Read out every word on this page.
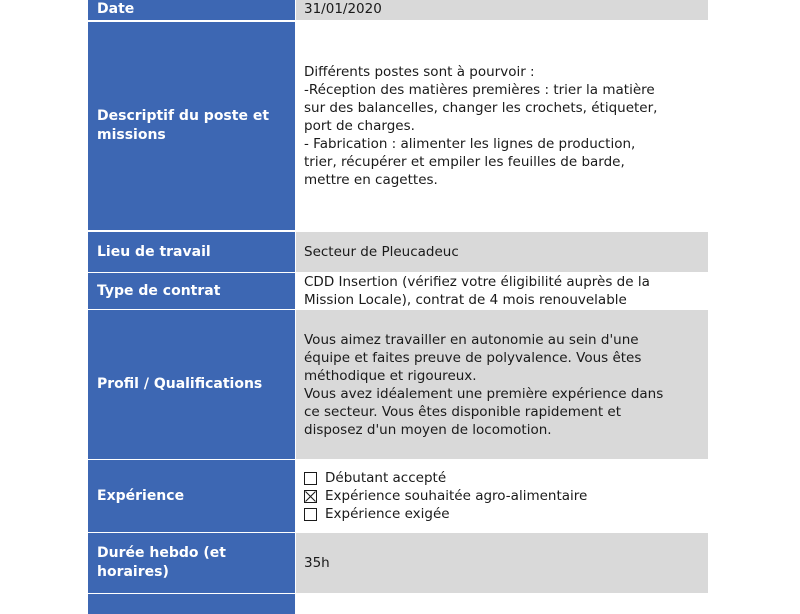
Date	31/01/2020
Descriptif du poste et missions
Différents postes sont à pourvoir :
-Réception des matières premières : trier la matière
sur des balancelles, changer les crochets, étiqueter,
port de charges.
- Fabrication : alimenter les lignes de production,
trier, récupérer et empiler les feuilles de barde,
mettre en cagettes.
Lieu de travail	Secteur de Pleucadeuc
Type de contrat
CDD Insertion (vérifiez votre éligibilité auprès de la
Mission Locale), contrat de 4 mois renouvelable
Profil / Qualifications
Vous aimez travailler en autonomie au sein d'une
équipe et faites preuve de polyvalence. Vous êtes
méthodique et rigoureux.
Vous avez idéalement une première expérience dans
ce secteur. Vous êtes disponible rapidement et
disposez d'un moyen de locomotion.
Expérience
Débutant accepté
Expérience souhaitée agro-alimentaire
Expérience exigée
Durée hebdo (et horaires)
35h
